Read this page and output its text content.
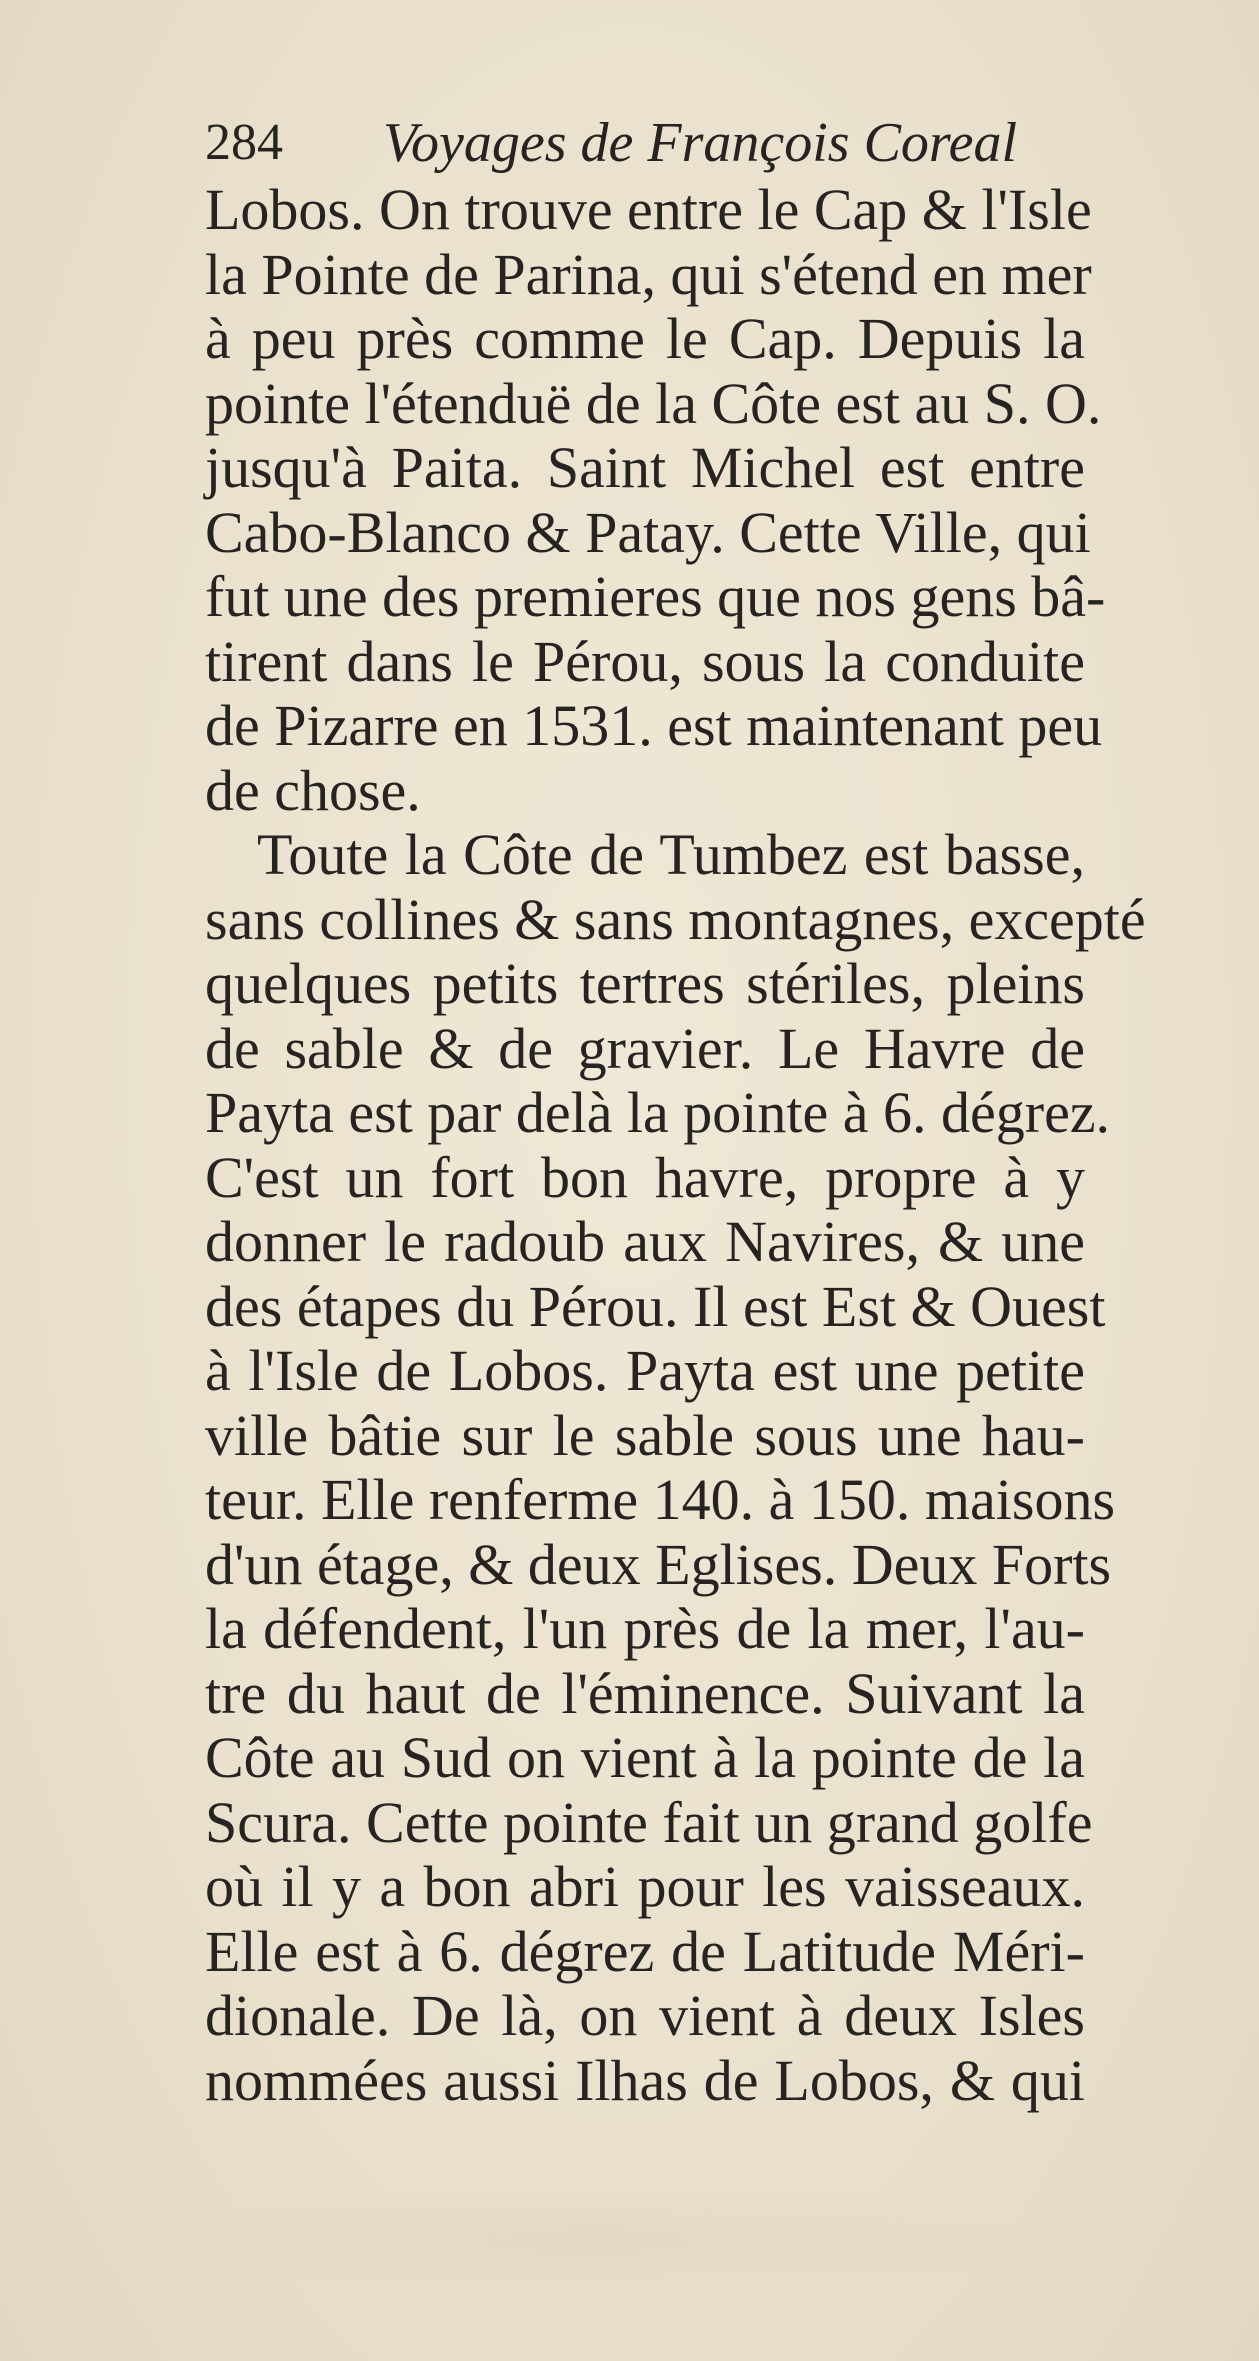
284 Voyages de François Coreal
Lobos. On trouve entre le Cap & l'Isle
la Pointe de Parina, qui s'étend en mer
à peu près comme le Cap. Depuis la
pointe l'étenduë de la Côte est au S. O.
jusqu'à Paita. Saint Michel est entre
Cabo-Blanco & Patay. Cette Ville, qui
fut une des premieres que nos gens bâ-
tirent dans le Pérou, sous la conduite
de Pizarre en 1531. est maintenant peu
de chose.
Toute la Côte de Tumbez est basse,
sans collines & sans montagnes, excepté
quelques petits tertres stériles, pleins
de sable & de gravier. Le Havre de
Payta est par delà la pointe à 6. dégrez.
C'est un fort bon havre, propre à y
donner le radoub aux Navires, & une
des étapes du Pérou. Il est Est & Ouest
à l'Isle de Lobos. Payta est une petite
ville bâtie sur le sable sous une hau-
teur. Elle renferme 140. à 150. maisons
d'un étage, & deux Eglises. Deux Forts
la défendent, l'un près de la mer, l'au-
tre du haut de l'éminence. Suivant la
Côte au Sud on vient à la pointe de la
Scura. Cette pointe fait un grand golfe
où il y a bon abri pour les vaisseaux.
Elle est à 6. dégrez de Latitude Méri-
dionale. De là, on vient à deux Isles
nommées aussi Ilhas de Lobos, & qui
